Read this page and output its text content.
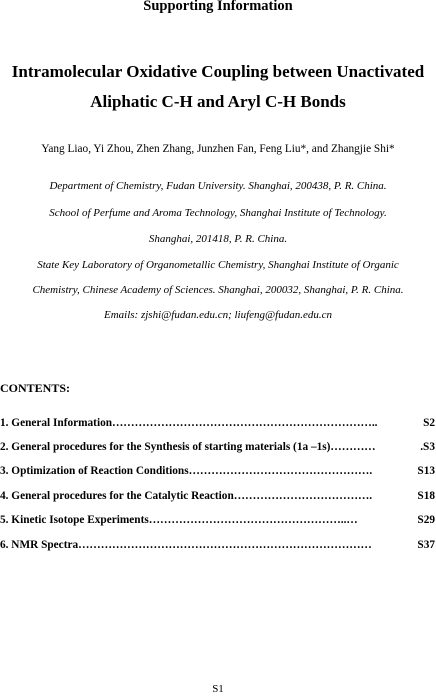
Supporting Information
Intramolecular Oxidative Coupling between Unactivated
Aliphatic C-H and Aryl C-H Bonds
Yang Liao, Yi Zhou, Zhen Zhang, Junzhen Fan, Feng Liu*, and Zhangjie Shi*
Department of Chemistry, Fudan University. Shanghai, 200438, P. R. China.
School of Perfume and Aroma Technology, Shanghai Institute of Technology.
Shanghai, 201418, P. R. China.
State Key Laboratory of Organometallic Chemistry, Shanghai Institute of Organic
Chemistry, Chinese Academy of Sciences. Shanghai, 200032, Shanghai, P. R. China.
Emails: zjshi@fudan.edu.cn; liufeng@fudan.edu.cn
CONTENTS:
1. General Information……………………………………………………………..	S2
2. General procedures for the Synthesis of starting materials (1a –1s)…………	.S3
3. Optimization of Reaction Conditions………………………………………….	S13
4. General procedures for the Catalytic Reaction……………………………….	S18
5. Kinetic Isotope Experiments……………………………………………..…	S29
6. NMR Spectra……………………………………………………………………	S37
S1
